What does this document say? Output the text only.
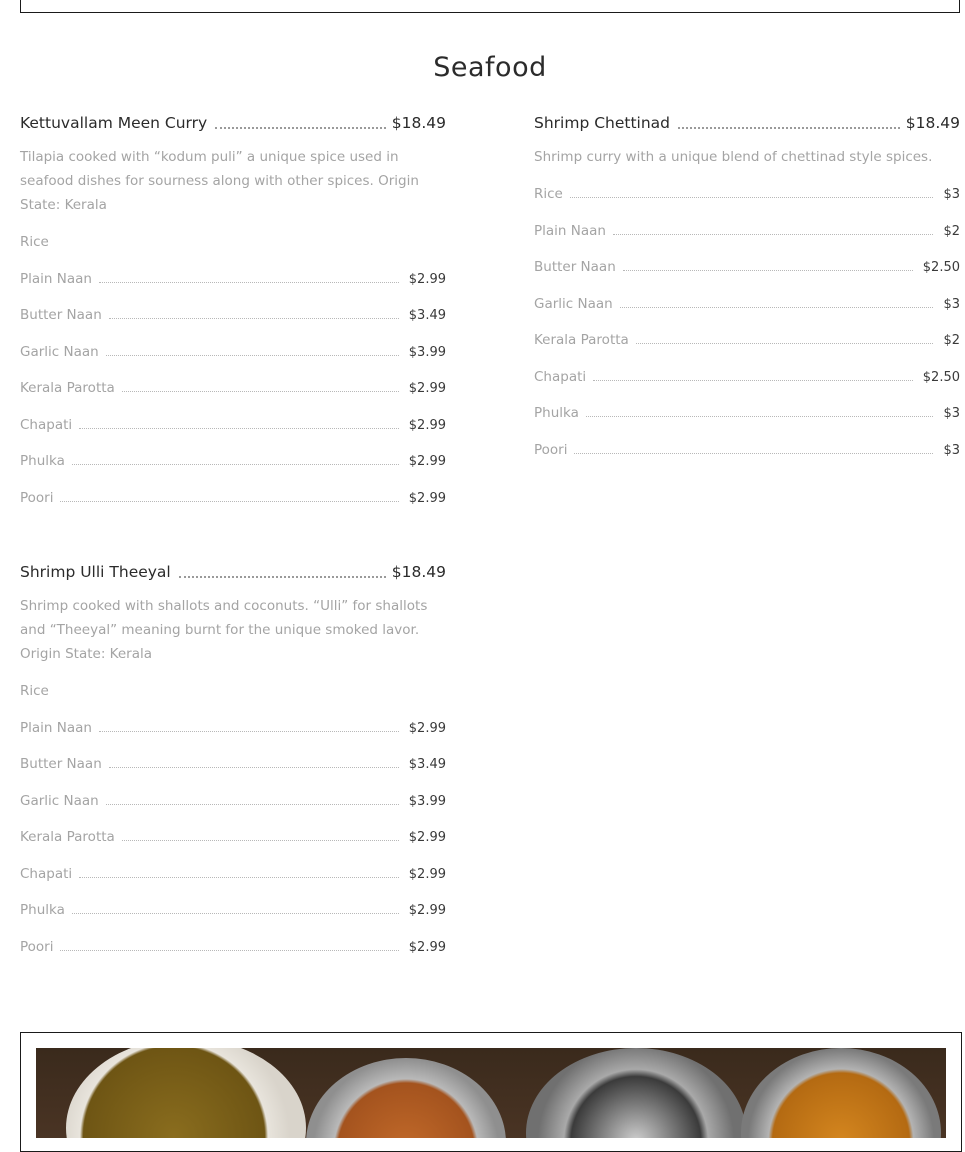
Seafood
Kettuvallam Meen Curry	$18.49

Tilapia cooked with “kodum puli” a unique spice used in seafood dishes for sourness along with other spices. Origin State: Kerala

Rice
Plain Naan	$2.99
Butter Naan	$3.49
Garlic Naan	$3.99
Kerala Parotta	$2.99
Chapati	$2.99
Phulka	$2.99
Poori	$2.99
Shrimp Chettinad	$18.49

Shrimp curry with a unique blend of chettinad style spices.

Rice	$3
Plain Naan	$2
Butter Naan	$2.50
Garlic Naan	$3
Kerala Parotta	$2
Chapati	$2.50
Phulka	$3
Poori	$3
Shrimp Ulli Theeyal	$18.49

Shrimp cooked with shallots and coconuts. “Ulli” for shallots and “Theeyal” meaning burnt for the unique smoked lavor. Origin State: Kerala

Rice
Plain Naan	$2.99
Butter Naan	$3.49
Garlic Naan	$3.99
Kerala Parotta	$2.99
Chapati	$2.99
Phulka	$2.99
Poori	$2.99
